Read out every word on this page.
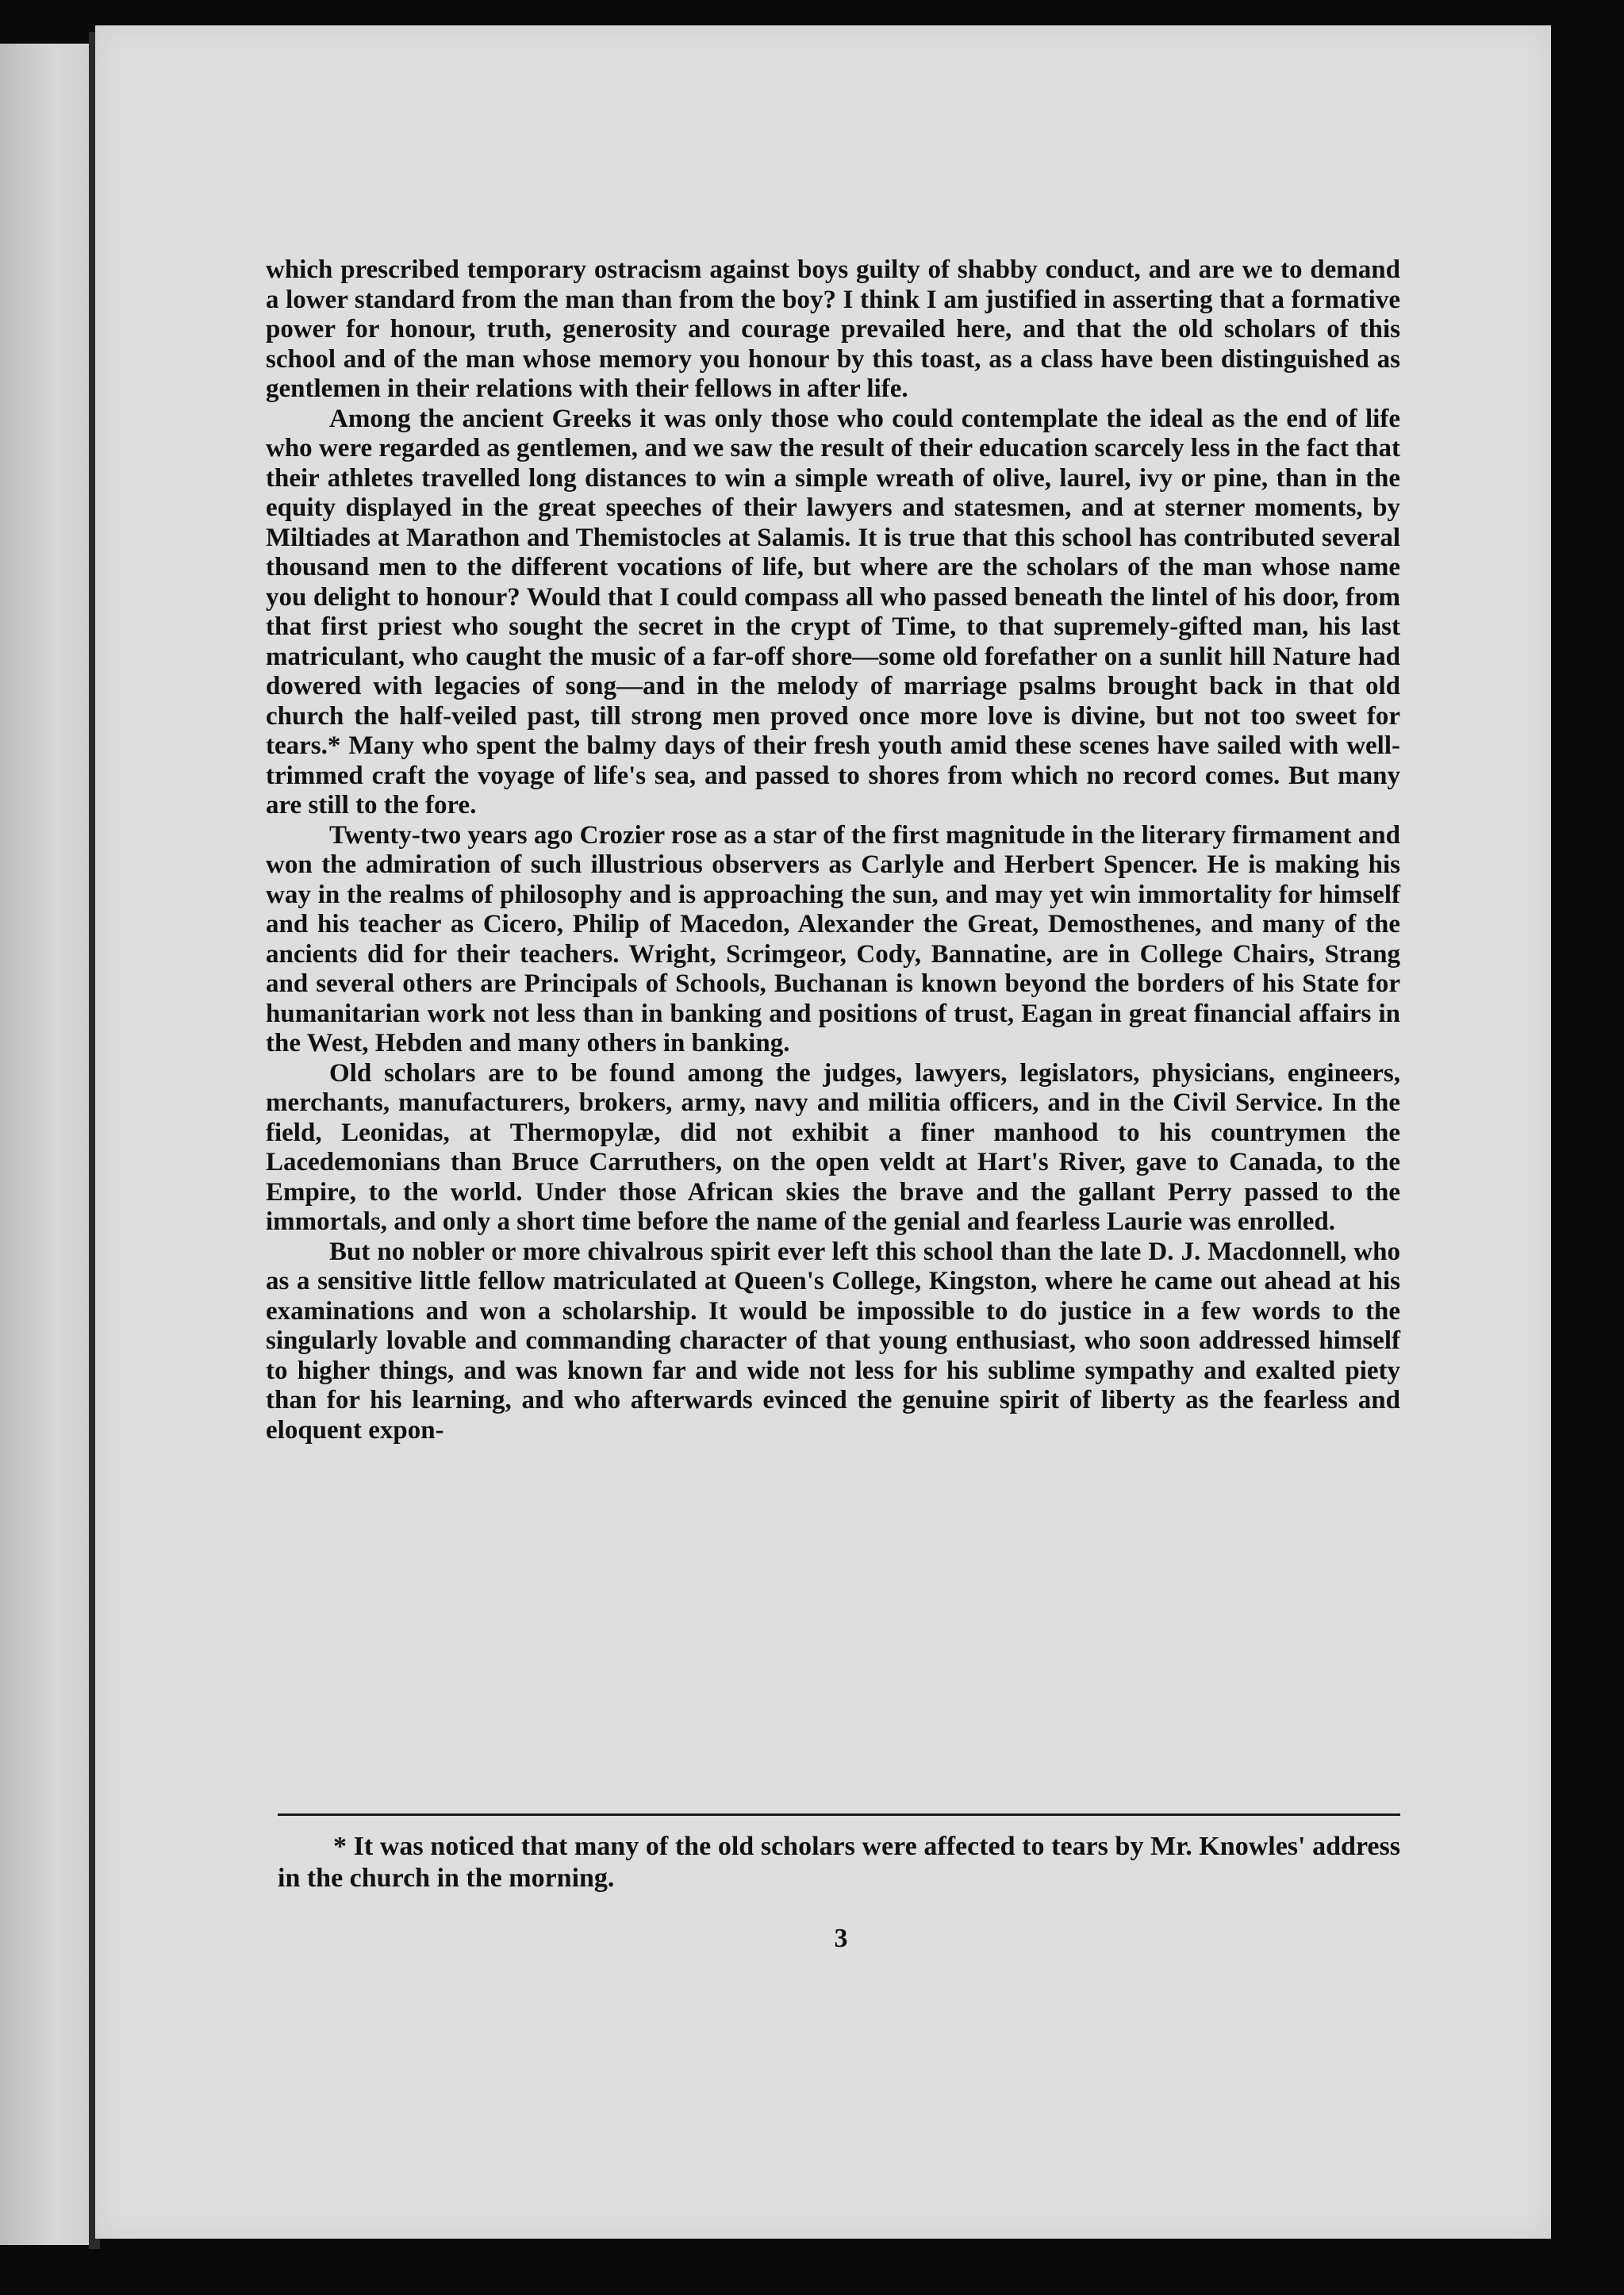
which prescribed temporary ostracism against boys guilty of shabby conduct, and are we to demand a lower standard from the man than from the boy? I think I am justified in asserting that a formative power for honour, truth, generosity and courage prevailed here, and that the old scholars of this school and of the man whose memory you honour by this toast, as a class have been distinguished as gentlemen in their relations with their fellows in after life.

Among the ancient Greeks it was only those who could contemplate the ideal as the end of life who were regarded as gentlemen, and we saw the result of their education scarcely less in the fact that their athletes travelled long distances to win a simple wreath of olive, laurel, ivy or pine, than in the equity displayed in the great speeches of their lawyers and statesmen, and at sterner moments, by Miltiades at Marathon and Themistocles at Salamis. It is true that this school has contributed several thousand men to the different vocations of life, but where are the scholars of the man whose name you delight to honour? Would that I could compass all who passed beneath the lintel of his door, from that first priest who sought the secret in the crypt of Time, to that supremely-gifted man, his last matriculant, who caught the music of a far-off shore—some old forefather on a sunlit hill Nature had dowered with legacies of song—and in the melody of marriage psalms brought back in that old church the half-veiled past, till strong men proved once more love is divine, but not too sweet for tears.* Many who spent the balmy days of their fresh youth amid these scenes have sailed with well-trimmed craft the voyage of life's sea, and passed to shores from which no record comes. But many are still to the fore.

Twenty-two years ago Crozier rose as a star of the first magnitude in the literary firmament and won the admiration of such illustrious observers as Carlyle and Herbert Spencer. He is making his way in the realms of philosophy and is approaching the sun, and may yet win immortality for himself and his teacher as Cicero, Philip of Macedon, Alexander the Great, Demosthenes, and many of the ancients did for their teachers. Wright, Scrimgeor, Cody, Bannatine, are in College Chairs, Strang and several others are Principals of Schools, Buchanan is known beyond the borders of his State for humanitarian work not less than in banking and positions of trust, Eagan in great financial affairs in the West, Hebden and many others in banking.

Old scholars are to be found among the judges, lawyers, legislators, physicians, engineers, merchants, manufacturers, brokers, army, navy and militia officers, and in the Civil Service. In the field, Leonidas, at Thermopylæ, did not exhibit a finer manhood to his countrymen the Lacedemonians than Bruce Carruthers, on the open veldt at Hart's River, gave to Canada, to the Empire, to the world. Under those African skies the brave and the gallant Perry passed to the immortals, and only a short time before the name of the genial and fearless Laurie was enrolled.

But no nobler or more chivalrous spirit ever left this school than the late D. J. Macdonnell, who as a sensitive little fellow matriculated at Queen's College, Kingston, where he came out ahead at his examinations and won a scholarship. It would be impossible to do justice in a few words to the singularly lovable and commanding character of that young enthusiast, who soon addressed himself to higher things, and was known far and wide not less for his sublime sympathy and exalted piety than for his learning, and who afterwards evinced the genuine spirit of liberty as the fearless and eloquent expon-

* It was noticed that many of the old scholars were affected to tears by Mr. Knowles' address in the church in the morning.

3
